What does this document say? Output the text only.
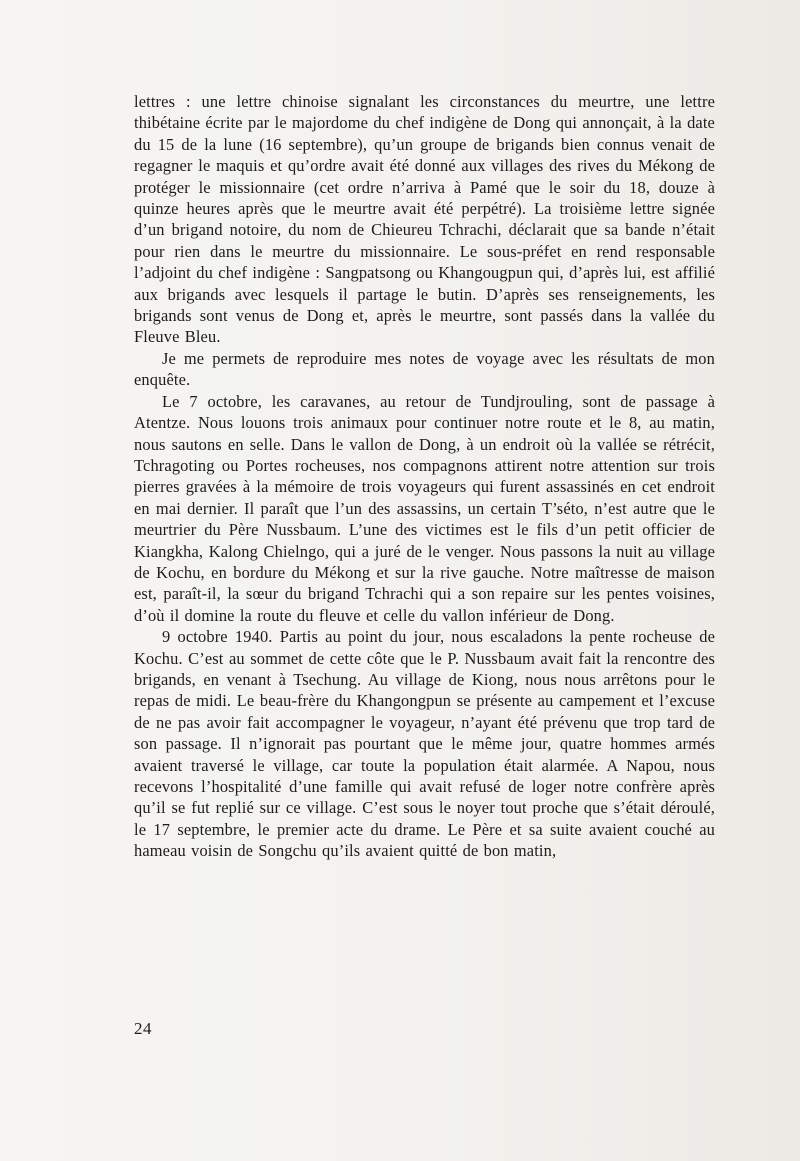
lettres : une lettre chinoise signalant les circonstances du meurtre, une lettre thibétaine écrite par le majordome du chef indigène de Dong qui annonçait, à la date du 15 de la lune (16 septembre), qu’un groupe de brigands bien connus venait de regagner le maquis et qu’ordre avait été donné aux villages des rives du Mékong de protéger le missionnaire (cet ordre n’arriva à Pamé que le soir du 18, douze à quinze heures après que le meurtre avait été perpétré). La troisième lettre signée d’un brigand notoire, du nom de Chieureu Tchrachi, déclarait que sa bande n’était pour rien dans le meurtre du missionnaire. Le sous-préfet en rend responsable l’adjoint du chef indigène : Sangpatsong ou Khangougpun qui, d’après lui, est affilié aux brigands avec lesquels il partage le butin. D’après ses renseignements, les brigands sont venus de Dong et, après le meurtre, sont passés dans la vallée du Fleuve Bleu.

Je me permets de reproduire mes notes de voyage avec les résultats de mon enquête.

Le 7 octobre, les caravanes, au retour de Tundjrouling, sont de passage à Atentze. Nous louons trois animaux pour continuer notre route et le 8, au matin, nous sautons en selle. Dans le vallon de Dong, à un endroit où la vallée se rétrécit, Tchragoting ou Portes rocheuses, nos compagnons attirent notre attention sur trois pierres gravées à la mémoire de trois voyageurs qui furent assassinés en cet endroit en mai dernier. Il paraît que l’un des assassins, un certain T’séto, n’est autre que le meurtrier du Père Nussbaum. L’une des victimes est le fils d’un petit officier de Kiangkha, Kalong Chielngo, qui a juré de le venger. Nous passons la nuit au village de Kochu, en bordure du Mékong et sur la rive gauche. Notre maîtresse de maison est, paraît-il, la sœur du brigand Tchrachi qui a son repaire sur les pentes voisines, d’où il domine la route du fleuve et celle du vallon inférieur de Dong.

9 octobre 1940. Partis au point du jour, nous escaladons la pente rocheuse de Kochu. C’est au sommet de cette côte que le P. Nussbaum avait fait la rencontre des brigands, en venant à Tsechung. Au village de Kiong, nous nous arrêtons pour le repas de midi. Le beau-frère du Khangongpun se présente au campement et l’excuse de ne pas avoir fait accompagner le voyageur, n’ayant été prévenu que trop tard de son passage. Il n’ignorait pas pourtant que le même jour, quatre hommes armés avaient traversé le village, car toute la population était alarmée. A Napou, nous recevons l’hospitalité d’une famille qui avait refusé de loger notre confrère après qu’il se fut replié sur ce village. C’est sous le noyer tout proche que s’était déroulé, le 17 septembre, le premier acte du drame. Le Père et sa suite avaient couché au hameau voisin de Songchu qu’ils avaient quitté de bon matin,

24
